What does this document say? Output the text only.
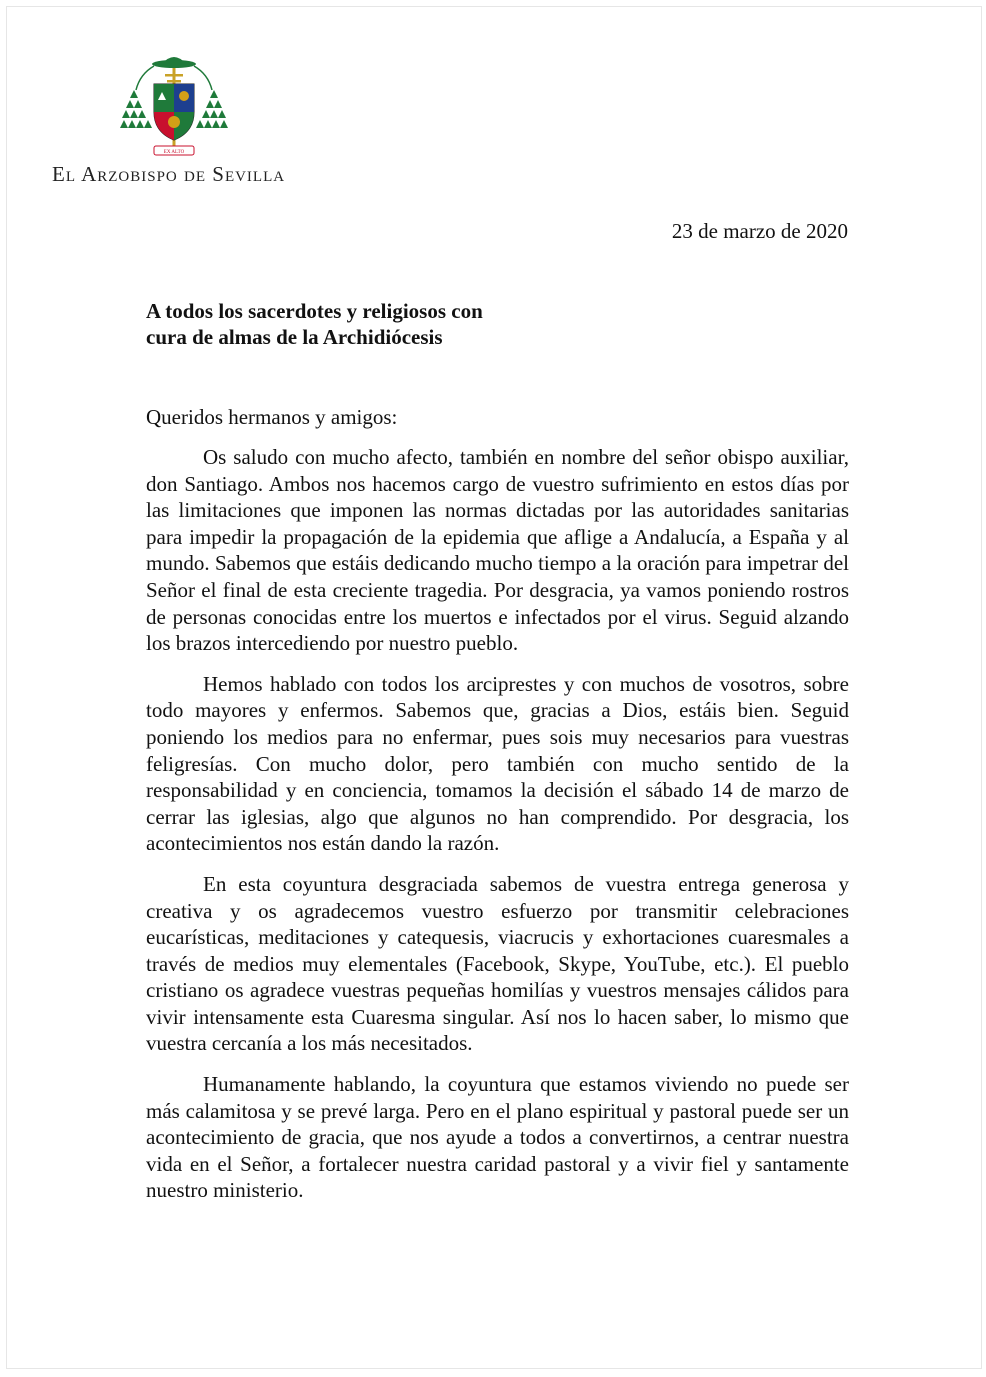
EX ALTO
El Arzobispo de Sevilla
23 de marzo de 2020
A todos los sacerdotes y religiosos con
cura de almas de la Archidiócesis
Queridos hermanos y amigos:

Os saludo con mucho afecto, también en nombre del señor obispo auxiliar, don Santiago. Ambos nos hacemos cargo de vuestro sufrimiento en estos días por las limitaciones que imponen las normas dictadas por las autoridades sanitarias para impedir la propagación de la epidemia que aflige a Andalucía, a España y al mundo. Sabemos que estáis dedicando mucho tiempo a la oración para impetrar del Señor el final de esta creciente tragedia. Por desgracia, ya vamos poniendo rostros de personas conocidas entre los muertos e infectados por el virus. Seguid alzando los brazos intercediendo por nuestro pueblo.

Hemos hablado con todos los arciprestes y con muchos de vosotros, sobre todo mayores y enfermos. Sabemos que, gracias a Dios, estáis bien. Seguid poniendo los medios para no enfermar, pues sois muy necesarios para vuestras feligresías. Con mucho dolor, pero también con mucho sentido de la responsabilidad y en conciencia, tomamos la decisión el sábado 14 de marzo de cerrar las iglesias, algo que algunos no han comprendido. Por desgracia, los acontecimientos nos están dando la razón.

En esta coyuntura desgraciada sabemos de vuestra entrega generosa y creativa y os agradecemos vuestro esfuerzo por transmitir celebraciones eucarísticas, meditaciones y catequesis, viacrucis y exhortaciones cuaresmales a través de medios muy elementales (Facebook, Skype, YouTube, etc.). El pueblo cristiano os agradece vuestras pequeñas homilías y vuestros mensajes cálidos para vivir intensamente esta Cuaresma singular. Así nos lo hacen saber, lo mismo que vuestra cercanía a los más necesitados.

Humanamente hablando, la coyuntura que estamos viviendo no puede ser más calamitosa y se prevé larga. Pero en el plano espiritual y pastoral puede ser un acontecimiento de gracia, que nos ayude a todos a convertirnos, a centrar nuestra vida en el Señor, a fortalecer nuestra caridad pastoral y a vivir fiel y santamente nuestro ministerio.
